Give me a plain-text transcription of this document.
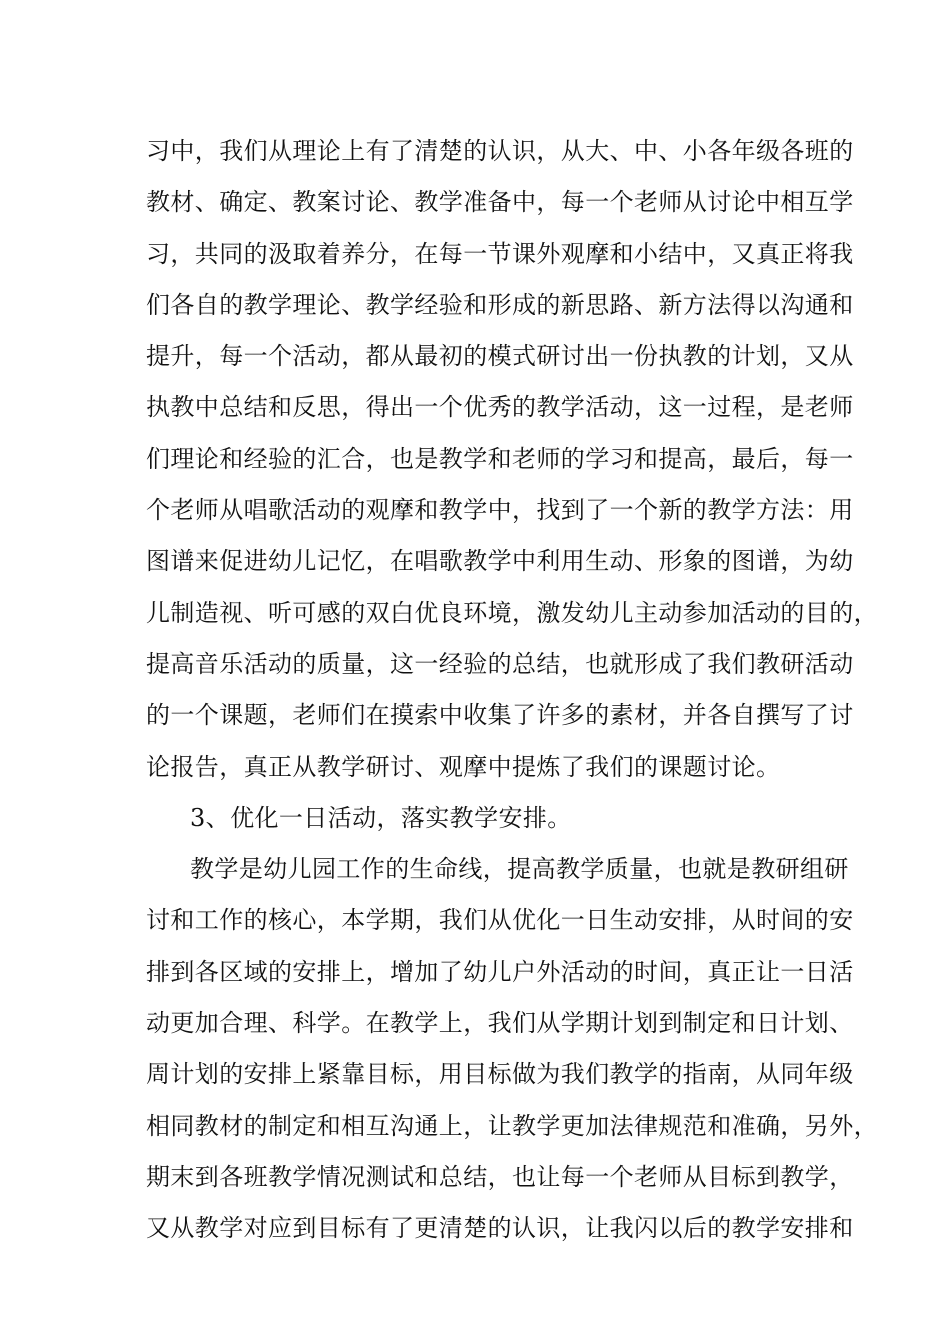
习中，我们从理论上有了清楚的认识，从大、中、小各年级各班的
教材、确定、教案讨论、教学准备中，每一个老师从讨论中相互学
习，共同的汲取着养分，在每一节课外观摩和小结中，又真正将我
们各自的教学理论、教学经验和形成的新思路、新方法得以沟通和
提升，每一个活动，都从最初的模式研讨出一份执教的计划，又从
执教中总结和反思，得出一个优秀的教学活动，这一过程，是老师
们理论和经验的汇合，也是教学和老师的学习和提高，最后，每一
个老师从唱歌活动的观摩和教学中，找到了一个新的教学方法：用
图谱来促进幼儿记忆，在唱歌教学中利用生动、形象的图谱，为幼
儿制造视、听可感的双白优良环境，激发幼儿主动参加活动的目的，
提高音乐活动的质量，这一经验的总结，也就形成了我们教研活动
的一个课题，老师们在摸索中收集了许多的素材，并各自撰写了讨
论报告，真正从教学研讨、观摩中提炼了我们的课题讨论。
3、优化一日活动，落实教学安排。
教学是幼儿园工作的生命线，提高教学质量，也就是教研组研
讨和工作的核心，本学期，我们从优化一日生动安排，从时间的安
排到各区域的安排上，增加了幼儿户外活动的时间，真正让一日活
动更加合理、科学。在教学上，我们从学期计划到制定和日计划、
周计划的安排上紧靠目标，用目标做为我们教学的指南，从同年级
相同教材的制定和相互沟通上，让教学更加法律规范和准确，另外，
期末到各班教学情况测试和总结，也让每一个老师从目标到教学，
又从教学对应到目标有了更清楚的认识，让我闪以后的教学安排和
